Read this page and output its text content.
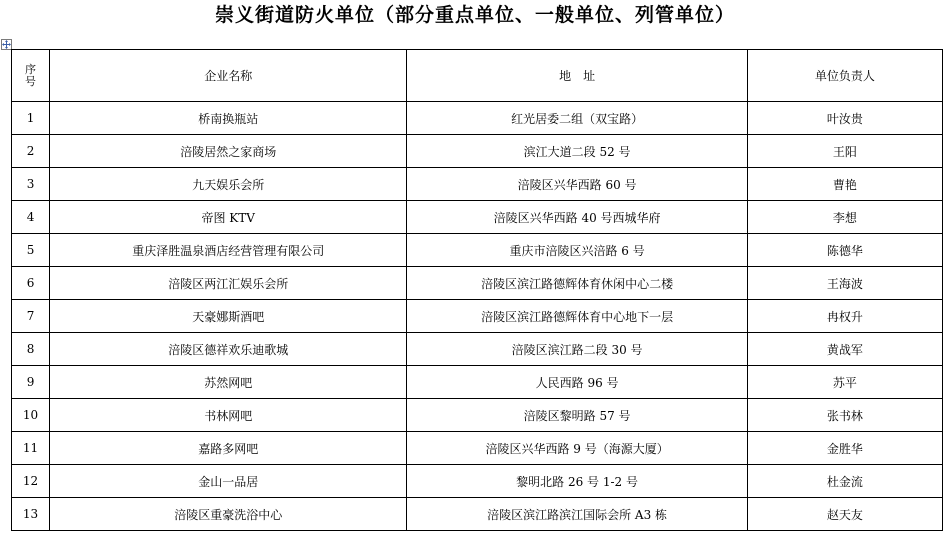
崇义街道防火单位（部分重点单位、一般单位、列管单位）
序
号	企业名称	地　址	单位负责人
1	桥南换瓶站	红光居委二组（双宝路）	叶汝贵
2	涪陵居然之家商场	滨江大道二段 52 号	王阳
3	九天娱乐会所	涪陵区兴华西路 60 号	曹艳
4	帝图 KTV	涪陵区兴华西路 40 号西城华府	李想
5	重庆泽胜温泉酒店经营管理有限公司	重庆市涪陵区兴涪路 6 号	陈德华
6	涪陵区两江汇娱乐会所	涪陵区滨江路德辉体育休闲中心二楼	王海波
7	天豪娜斯酒吧	涪陵区滨江路德辉体育中心地下一层	冉权升
8	涪陵区德祥欢乐迪歌城	涪陵区滨江路二段 30 号	黄战军
9	苏然网吧	人民西路 96 号	苏平
10	书林网吧	涪陵区黎明路 57 号	张书林
11	嘉路多网吧	涪陵区兴华西路 9 号（海源大厦）	金胜华
12	金山一品居	黎明北路 26 号 1-2 号	杜金流
13	涪陵区重豪洗浴中心	涪陵区滨江路滨江国际会所 A3 栋	赵天友
